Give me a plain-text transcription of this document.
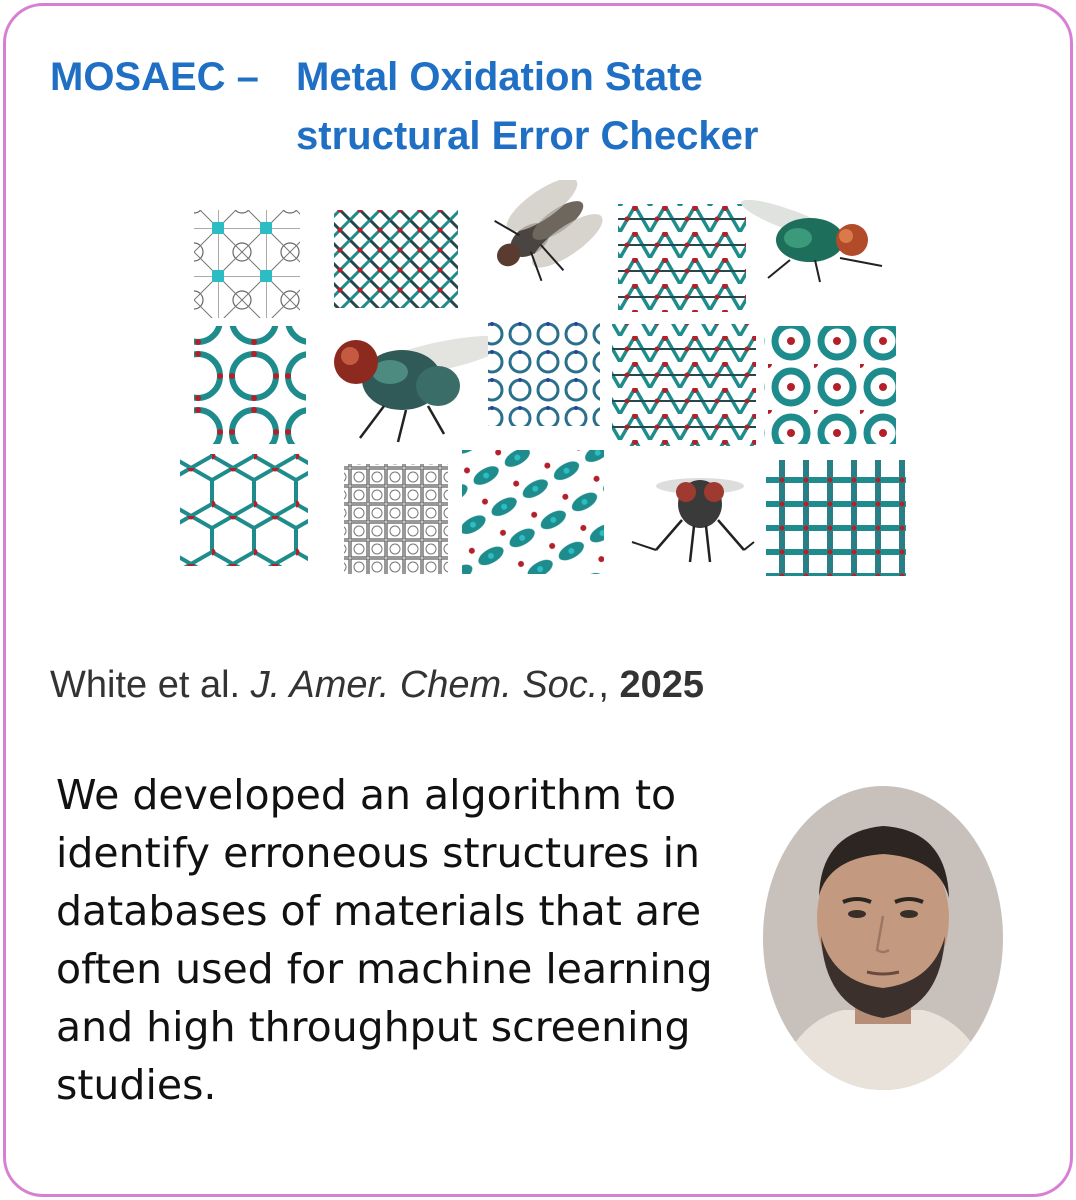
MOSAEC – Metal Oxidation State
structural Error Checker
White et al. J. Amer. Chem. Soc., 2025

We developed an algorithm to identify erroneous structures in databases of materials that are often used for machine learning and high throughput screening studies.
